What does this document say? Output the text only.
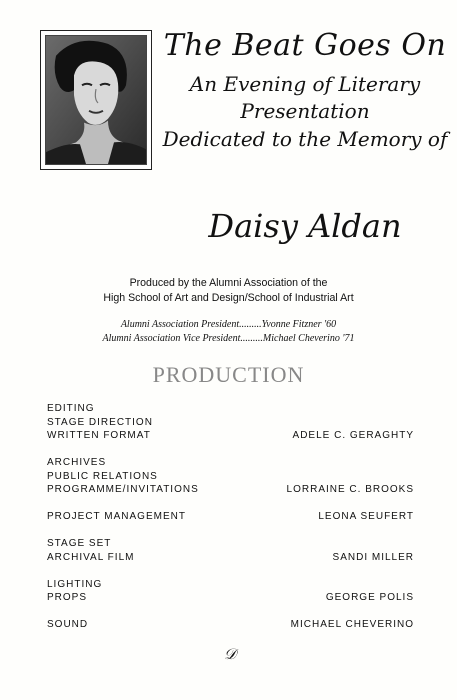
The Beat Goes On
An Evening of Literary
Presentation
Dedicated to the Memory of
Daisy Aldan
Produced by the Alumni Association of the
High School of Art and Design/School of Industrial Art
Alumni Association President.........Yvonne Fitzner '60
Alumni Association Vice President.........Michael Cheverino '71
PRODUCTION
EDITING
STAGE DIRECTION
WRITTEN FORMAT	ADELE C. GERAGHTY
ARCHIVES
PUBLIC RELATIONS
PROGRAMME/INVITATIONS	LORRAINE C. BROOKS
PROJECT MANAGEMENT	LEONA SEUFERT
STAGE SET
ARCHIVAL FILM	SANDI MILLER
LIGHTING
PROPS	GEORGE POLIS
SOUND	MICHAEL CHEVERINO
𝒟
